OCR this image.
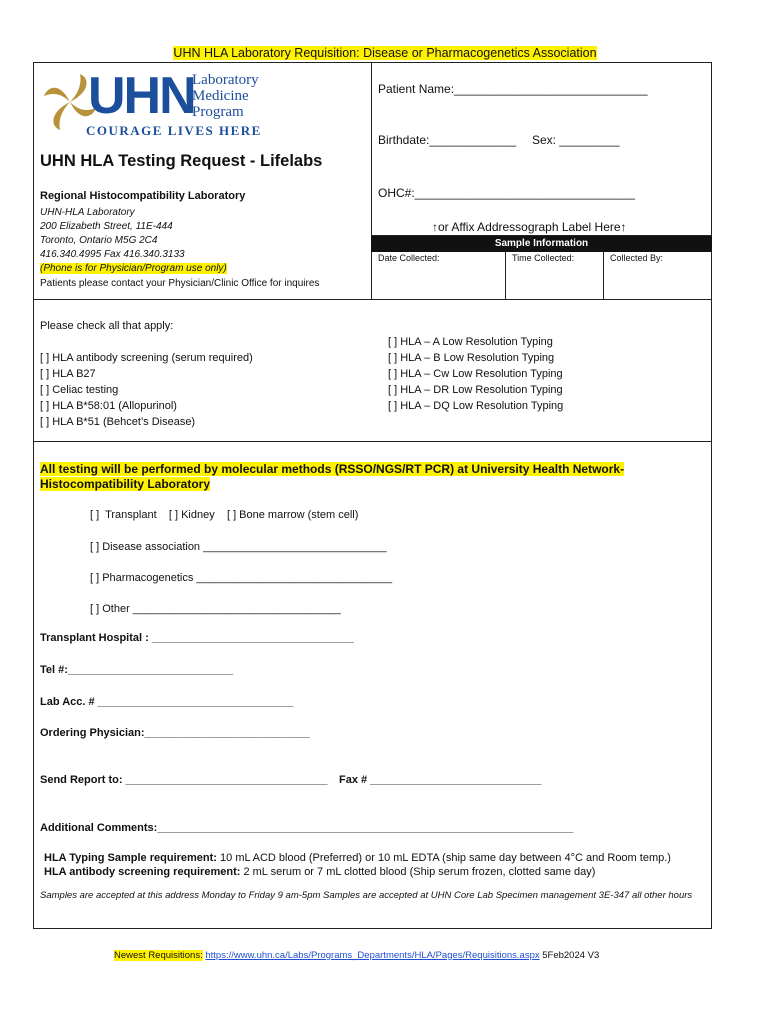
UHN HLA Laboratory Requisition: Disease or Pharmacogenetics Association
UHN
Laboratory
Medicine
Program
COURAGE LIVES HERE
UHN HLA Testing Request - Lifelabs
Regional Histocompatibility Laboratory
UHN-HLA Laboratory
200 Elizabeth Street, 11E-444
Toronto, Ontario M5G 2C4
416.340.4995 Fax 416.340.3133
(Phone is for Physician/Program use only)
Patients please contact your Physician/Clinic Office for inquires
Patient Name:_____________________________
Birthdate:_____________ Sex: _________
OHC#:_________________________________
↑or Affix Addressograph Label Here↑
Sample Information
Date Collected:	Time Collected:	Collected By:
Please check all that apply:
[ ] HLA antibody screening (serum required)
[ ] HLA B27
[ ] Celiac testing
[ ] HLA B*58:01 (Allopurinol)
[ ] HLA B*51 (Behcet’s Disease)
[ ] HLA – A Low Resolution Typing
[ ] HLA – B Low Resolution Typing
[ ] HLA – Cw Low Resolution Typing
[ ] HLA – DR Low Resolution Typing
[ ] HLA – DQ Low Resolution Typing
All testing will be performed by molecular methods (RSSO/NGS/RT PCR) at University Health Network-
Histocompatibility Laboratory
[ ]  Transplant    [ ] Kidney    [ ] Bone marrow (stem cell)
[ ] Disease association ______________________________
[ ] Pharmacogenetics ________________________________
[ ] Other __________________________________
Transplant Hospital : _________________________________
Tel #:___________________________
Lab Acc. # ________________________________
Ordering Physician:___________________________
Send Report to: _________________________________ Fax # ____________________________
Additional Comments:____________________________________________________________________
HLA Typing Sample requirement: 10 mL ACD blood (Preferred) or 10 mL EDTA (ship same day between 4°C and Room temp.)
HLA antibody screening requirement: 2 mL serum or 7 mL clotted blood (Ship serum frozen, clotted same day)
Samples are accepted at this address Monday to Friday 9 am-5pm Samples are accepted at UHN Core Lab Specimen management 3E-347 all other hours
Newest Requisitions: https://www.uhn.ca/Labs/Programs_Departments/HLA/Pages/Requisitions.aspx 5Feb2024 V3
